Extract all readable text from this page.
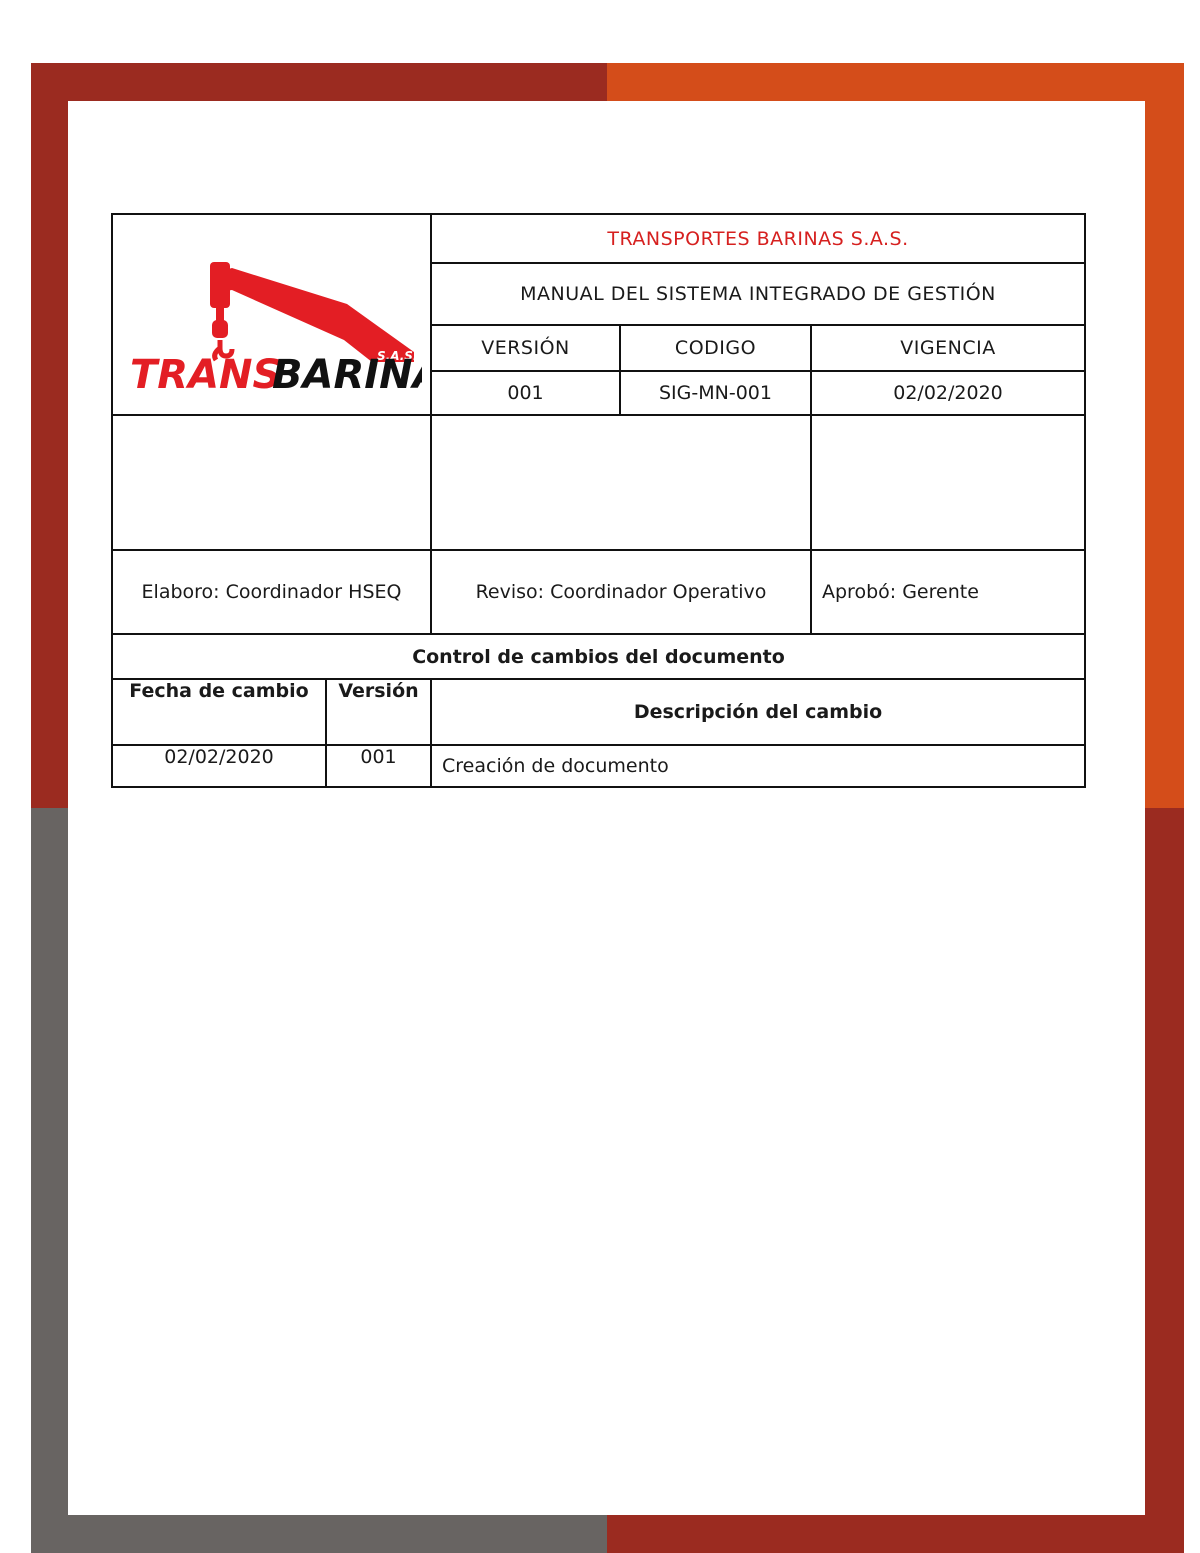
S.A.S.
TRANS
BARIN		TRANSPORTES BARINAS S.A.S.		
		MANUAL DEL SISTEMA INTEGRADO DE GESTIÓN		
		VERSIÓN	CODIGO	VIGENCIA
		001	SIG-MN-001	02/02/2020

Elaboro: Coordinador HSEQ		Reviso: Coordinador Operativo		Aprobó: Gerente
Control de cambios del documento				
Fecha de cambio	Versión	Descripción del cambio		
02/02/2020	001	Creación de documento		
